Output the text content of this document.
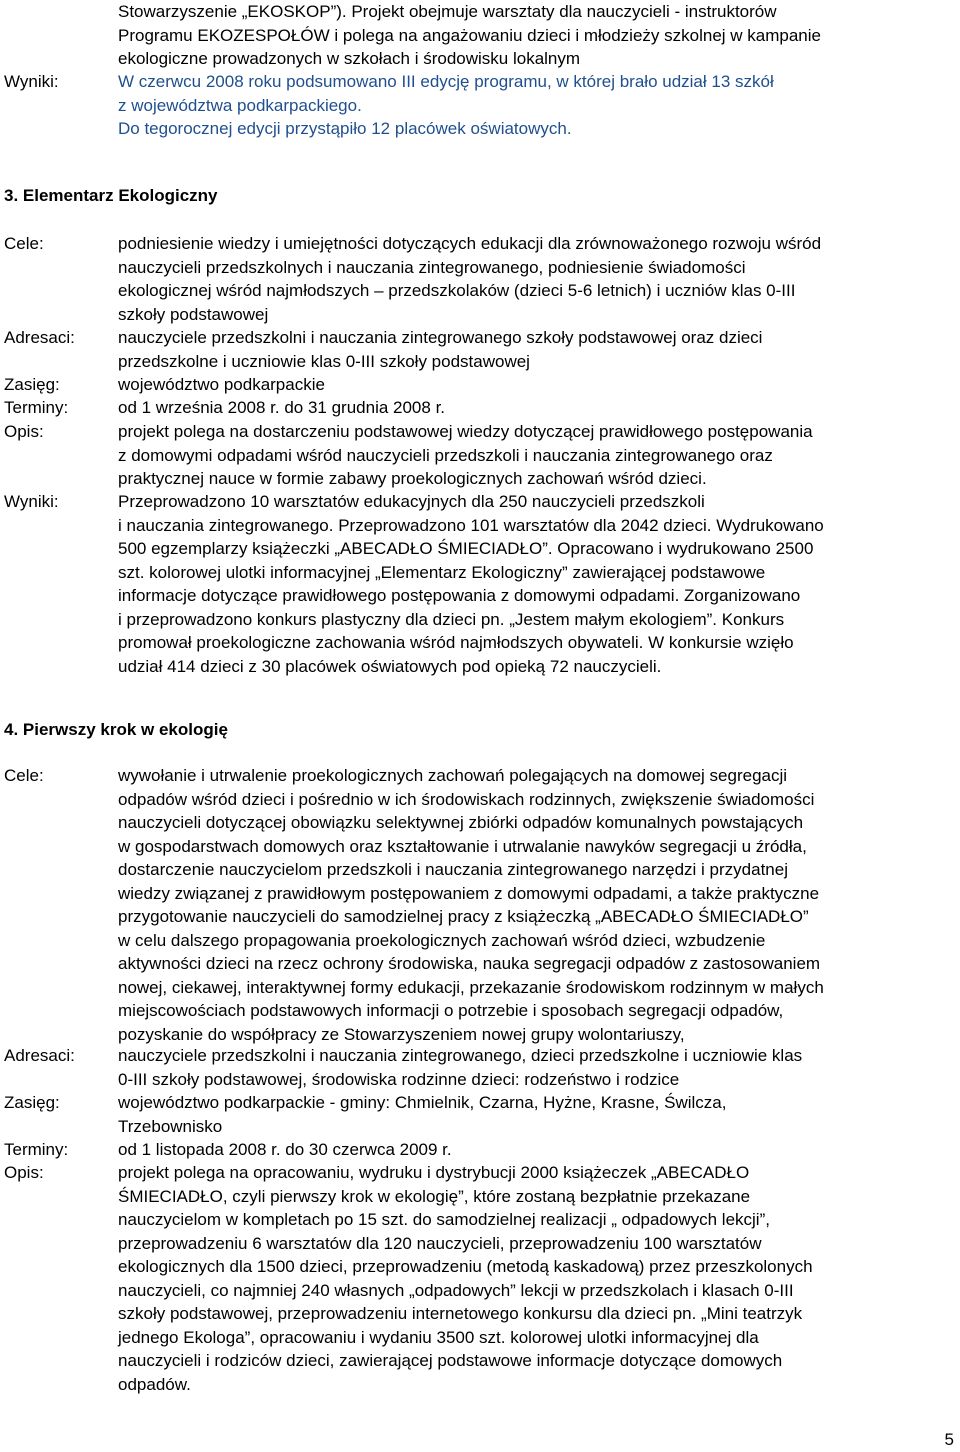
Stowarzyszenie „EKOSKOP”). Projekt obejmuje warsztaty dla nauczycieli - instruktorów
Programu EKOZESPOŁÓW i polega na angażowaniu dzieci i młodzieży szkolnej w kampanie
ekologiczne prowadzonych w szkołach i środowisku lokalnym
Wyniki:	W czerwcu 2008 roku podsumowano III edycję programu, w której brało udział 13 szkół
z województwa podkarpackiego.
Do tegorocznej edycji przystąpiło 12 placówek oświatowych.
3. Elementarz Ekologiczny
Cele:	podniesienie wiedzy i umiejętności dotyczących edukacji dla zrównoważonego rozwoju wśród
nauczycieli przedszkolnych i nauczania zintegrowanego, podniesienie świadomości
ekologicznej wśród najmłodszych – przedszkolaków (dzieci 5-6 letnich) i uczniów klas 0-III
szkoły podstawowej
Adresaci:	nauczyciele przedszkolni i nauczania zintegrowanego szkoły podstawowej oraz dzieci
przedszkolne i uczniowie klas 0-III szkoły podstawowej
Zasięg:	województwo podkarpackie
Terminy:	od 1 września 2008 r. do 31 grudnia 2008 r.
Opis:	projekt polega na dostarczeniu podstawowej wiedzy dotyczącej prawidłowego postępowania
z domowymi odpadami wśród nauczycieli przedszkoli i nauczania zintegrowanego oraz
praktycznej nauce w formie zabawy proekologicznych zachowań wśród dzieci.
Wyniki:	Przeprowadzono 10 warsztatów edukacyjnych dla 250 nauczycieli przedszkoli
i nauczania zintegrowanego. Przeprowadzono 101 warsztatów dla 2042 dzieci. Wydrukowano
500 egzemplarzy książeczki „ABECADŁO ŚMIECIADŁO”. Opracowano i wydrukowano 2500
szt. kolorowej ulotki informacyjnej „Elementarz Ekologiczny” zawierającej podstawowe
informacje dotyczące prawidłowego postępowania z domowymi odpadami. Zorganizowano
i przeprowadzono konkurs plastyczny dla dzieci pn. „Jestem małym ekologiem”. Konkurs
promował proekologiczne zachowania wśród najmłodszych obywateli. W konkursie wzięło
udział 414 dzieci z 30 placówek oświatowych pod opieką 72 nauczycieli.
4. Pierwszy krok w ekologię
Cele:	wywołanie i utrwalenie proekologicznych zachowań polegających na domowej segregacji
odpadów wśród dzieci i pośrednio w ich środowiskach rodzinnych, zwiększenie świadomości
nauczycieli dotyczącej obowiązku selektywnej zbiórki odpadów komunalnych powstających
w gospodarstwach domowych oraz kształtowanie i utrwalanie nawyków segregacji u źródła,
dostarczenie nauczycielom przedszkoli i nauczania zintegrowanego narzędzi i przydatnej
wiedzy związanej z prawidłowym postępowaniem z domowymi odpadami, a także praktyczne
przygotowanie nauczycieli do samodzielnej pracy z książeczką „ABECADŁO ŚMIECIADŁO”
w celu dalszego propagowania proekologicznych zachowań wśród dzieci, wzbudzenie
aktywności dzieci na rzecz ochrony środowiska, nauka segregacji odpadów z zastosowaniem
nowej, ciekawej, interaktywnej formy edukacji, przekazanie środowiskom rodzinnym w małych
miejscowościach podstawowych informacji o potrzebie i sposobach segregacji odpadów,
pozyskanie do współpracy ze Stowarzyszeniem nowej grupy wolontariuszy,
Adresaci:	nauczyciele przedszkolni i nauczania zintegrowanego, dzieci przedszkolne i uczniowie klas
0-III szkoły podstawowej, środowiska rodzinne dzieci: rodzeństwo i rodzice
Zasięg:	województwo podkarpackie - gminy: Chmielnik, Czarna, Hyżne, Krasne, Świlcza,
Trzebownisko
Terminy:	od 1 listopada 2008 r. do 30 czerwca 2009 r.
Opis:	projekt polega na opracowaniu, wydruku i dystrybucji 2000 książeczek „ABECADŁO
ŚMIECIADŁO, czyli pierwszy krok w ekologię”, które zostaną bezpłatnie przekazane
nauczycielom w kompletach po 15 szt. do samodzielnej realizacji „ odpadowych lekcji”,
przeprowadzeniu 6 warsztatów dla 120 nauczycieli, przeprowadzeniu 100 warsztatów
ekologicznych dla 1500 dzieci, przeprowadzeniu (metodą kaskadową) przez przeszkolonych
nauczycieli, co najmniej 240 własnych „odpadowych” lekcji w przedszkolach i klasach 0-III
szkoły podstawowej, przeprowadzeniu internetowego konkursu dla dzieci pn. „Mini teatrzyk
jednego Ekologa”, opracowaniu i wydaniu 3500 szt. kolorowej ulotki informacyjnej dla
nauczycieli i rodziców dzieci, zawierającej podstawowe informacje dotyczące domowych
odpadów.
5
